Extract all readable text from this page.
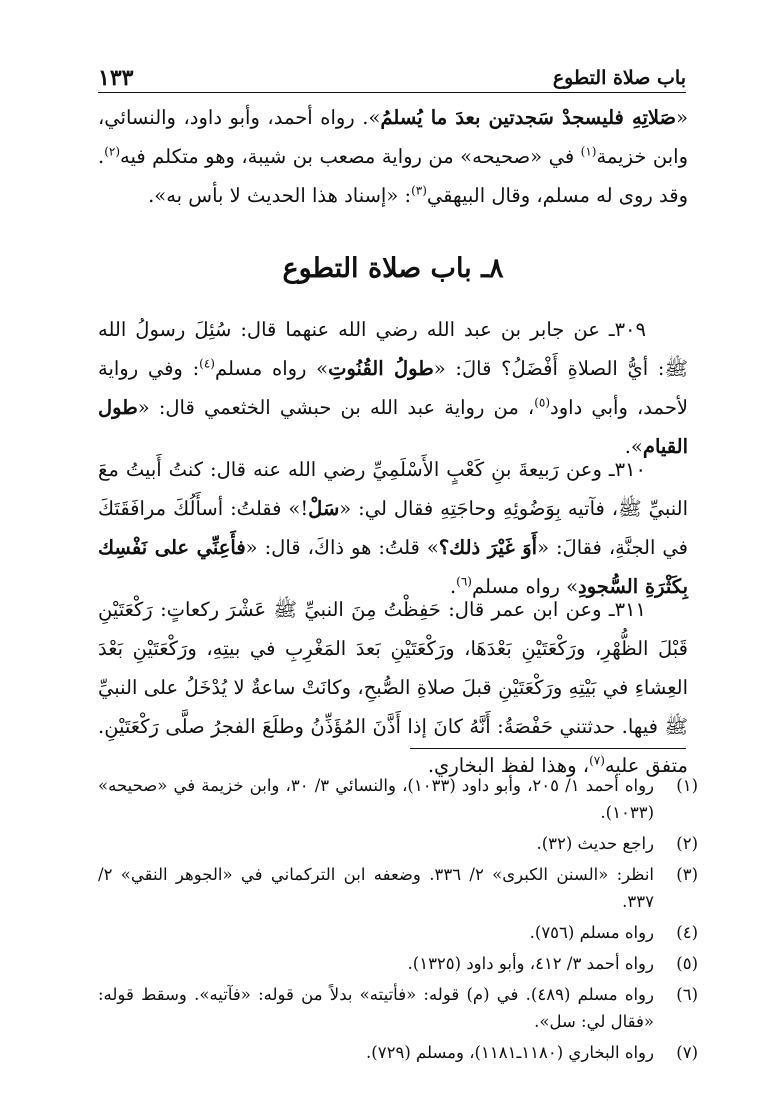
باب صلاة التطوع
١٣٣

«صَلاتِهِ فليسجدْ سَجدتين بعدَ ما يُسلمُ». رواه أحمد، وأبو داود، والنسائي، وابن خزيمة$^{(١)}$ في «صحيحه» من رواية مصعب بن شيبة، وهو متكلم فيه$^{(٢)}$. وقد روى له مسلم، وقال البيهقي$^{(٣)}$: «إسناد هذا الحديث لا بأس به».

٨ـ باب صلاة التطوع

٣٠٩ـ عن جابر بن عبد الله رضي الله عنهما قال: سُئِلَ رسولُ الله ﷺ: أيُّ الصلاةِ أَفْضَلُ؟ قالَ: «طولُ القُنُوتِ» رواه مسلم$^{(٤)}$: وفي رواية لأحمد، وأبي داود$^{(٥)}$، من رواية عبد الله بن حبشي الخثعمي قال: «طول القيام».

٣١٠ـ وعن رَبيعةَ بنِ كَعْبٍ الأَسْلَمِيِّ رضي الله عنه قال: كنتُ أَبيتُ معَ النبيِّ ﷺ، فآتيه بِوَضُوئِهِ وحاجَتِهِ فقال لي: «سَلْ!» فقلتُ: أسأَلُكَ مرافَقَتَكَ في الجنَّةِ، فقالَ: «أَوَ غَيْرَ ذلك؟» قلتُ: هو ذاكَ، قال: «فأَعِنِّي على نَفْسِك بِكَثْرَةِ السُّجودِ» رواه مسلم$^{(٦)}$.

٣١١ـ وعن ابن عمر قال: حَفِظْتُ مِنَ النبيِّ ﷺ عَشْرَ ركعاتٍ: رَكْعَتَيْنِ قَبْلَ الظُّهْرِ، ورَكْعَتَيْنِ بَعْدَهَا، ورَكْعَتَيْنِ بَعدَ المَغْرِبِ في بيتِهِ، ورَكْعَتَيْنِ بَعْدَ العِشاءِ في بَيْتِهِ ورَكْعَتَيْنِ قبلَ صلاةِ الصُّبحِ، وكانَتْ ساعةٌ لا يُدْخَلُ على النبيِّ ﷺ فيها. حدثتني حَفْصَةُ: أَنَّهُ كانَ إذا أَذَّنَ المُؤَذِّنُ وطلَعَ الفجرُ صلَّى رَكْعَتَيْنِ. متفق عليه$^{(٧)}$، وهذا لفظ البخاري.

(١)
رواه أحمد ١/ ٢٠٥، وأبو داود (١٠٣٣)، والنسائي ٣/ ٣٠، وابن خزيمة في «صحيحه» (١٠٣٣).
(٢)
راجع حديث (٣٢).
(٣)
انظر: «السنن الكبرى» ٢/ ٣٣٦. وضعفه ابن التركماني في «الجوهر النقي» ٢/ ٣٣٧.
(٤)
رواه مسلم (٧٥٦).
(٥)
رواه أحمد ٣/ ٤١٢، وأبو داود (١٣٢٥).
(٦)
رواه مسلم (٤٨٩). في (م) قوله: «فأتيته» بدلاً من قوله: «فآتيه». وسقط قوله: «فقال لي: سل».
(٧)
رواه البخاري (١١٨٠ـ١١٨١)، ومسلم (٧٢٩).
